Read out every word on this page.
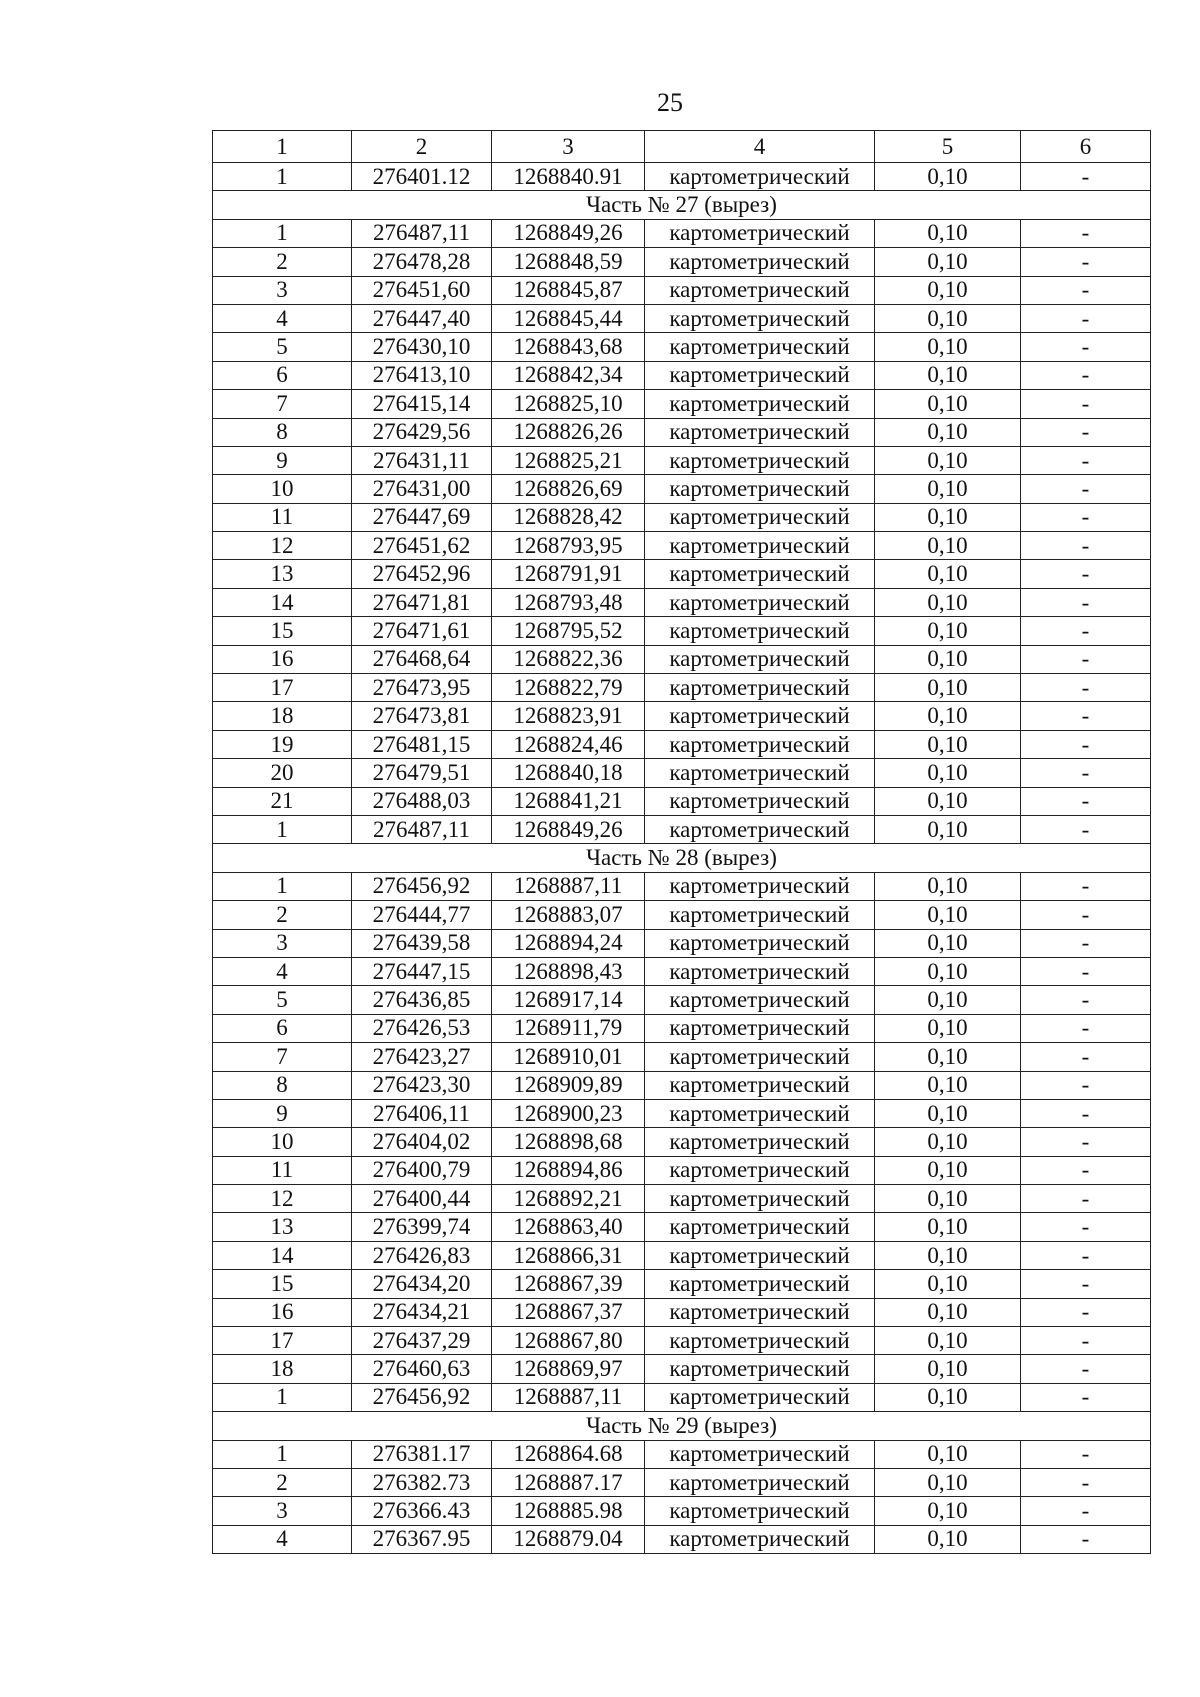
25
1	2	3	4	5	6
1	276401.12	1268840.91	картометрический	0,10	-
Часть № 27 (вырез)					
1	276487,11	1268849,26	картометрический	0,10	-
2	276478,28	1268848,59	картометрический	0,10	-
3	276451,60	1268845,87	картометрический	0,10	-
4	276447,40	1268845,44	картометрический	0,10	-
5	276430,10	1268843,68	картометрический	0,10	-
6	276413,10	1268842,34	картометрический	0,10	-
7	276415,14	1268825,10	картометрический	0,10	-
8	276429,56	1268826,26	картометрический	0,10	-
9	276431,11	1268825,21	картометрический	0,10	-
10	276431,00	1268826,69	картометрический	0,10	-
11	276447,69	1268828,42	картометрический	0,10	-
12	276451,62	1268793,95	картометрический	0,10	-
13	276452,96	1268791,91	картометрический	0,10	-
14	276471,81	1268793,48	картометрический	0,10	-
15	276471,61	1268795,52	картометрический	0,10	-
16	276468,64	1268822,36	картометрический	0,10	-
17	276473,95	1268822,79	картометрический	0,10	-
18	276473,81	1268823,91	картометрический	0,10	-
19	276481,15	1268824,46	картометрический	0,10	-
20	276479,51	1268840,18	картометрический	0,10	-
21	276488,03	1268841,21	картометрический	0,10	-
1	276487,11	1268849,26	картометрический	0,10	-
Часть № 28 (вырез)					
1	276456,92	1268887,11	картометрический	0,10	-
2	276444,77	1268883,07	картометрический	0,10	-
3	276439,58	1268894,24	картометрический	0,10	-
4	276447,15	1268898,43	картометрический	0,10	-
5	276436,85	1268917,14	картометрический	0,10	-
6	276426,53	1268911,79	картометрический	0,10	-
7	276423,27	1268910,01	картометрический	0,10	-
8	276423,30	1268909,89	картометрический	0,10	-
9	276406,11	1268900,23	картометрический	0,10	-
10	276404,02	1268898,68	картометрический	0,10	-
11	276400,79	1268894,86	картометрический	0,10	-
12	276400,44	1268892,21	картометрический	0,10	-
13	276399,74	1268863,40	картометрический	0,10	-
14	276426,83	1268866,31	картометрический	0,10	-
15	276434,20	1268867,39	картометрический	0,10	-
16	276434,21	1268867,37	картометрический	0,10	-
17	276437,29	1268867,80	картометрический	0,10	-
18	276460,63	1268869,97	картометрический	0,10	-
1	276456,92	1268887,11	картометрический	0,10	-
Часть № 29 (вырез)					
1	276381.17	1268864.68	картометрический	0,10	-
2	276382.73	1268887.17	картометрический	0,10	-
3	276366.43	1268885.98	картометрический	0,10	-
4	276367.95	1268879.04	картометрический	0,10	-
